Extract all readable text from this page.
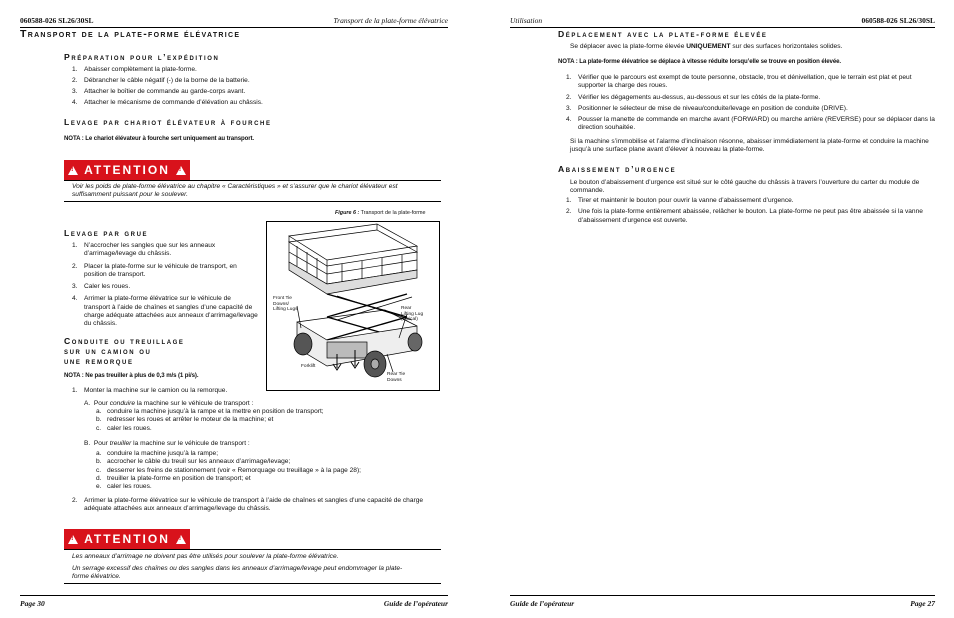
060588-026 SL26/30SL	Transport de la plate-forme élévatrice
Transport de la plate-forme élévatrice
Préparation pour l’expédition
1. Abaisser complètement la plate-forme.
2. Débrancher le câble négatif (-) de la borne de la batterie.
3. Attacher le boîtier de commande au garde-corps avant.
4. Attacher le mécanisme de commande d’élévation au châssis.
Levage par chariot élévateur à fourche
NOTA : Le chariot élévateur à fourche sert uniquement au transport.
!
ATTENTION
!
Voir les poids de plate-forme élévatrice au chapitre « Caractéristiques » et s’assurer que le chariot élévateur est suffisamment puissant pour le soulever.
Figure 6 : Transport de la plate-forme
Front Tie
Downs/
Lifting Lugs	Rear
Lifting Lug
(typical)
Forklift
Rear Tie
Downs
Levage par grue
1. N’accrocher les sangles que sur les anneaux d’arrimage/levage du châssis.
2. Placer la plate-forme sur le véhicule de transport, en position de transport.
3. Caler les roues.
4. Arrimer la plate-forme élévatrice sur le véhicule de transport à l’aide de chaînes et sangles d’une capacité de charge adéquate attachées aux anneaux d’arrimage/levage du châssis.
Conduite ou treuillage
sur un camion ou
une remorque
NOTA : Ne pas treuiller à plus de 0,3 m/s (1 pi/s).
1. Monter la machine sur le camion ou la remorque.
A.  Pour conduire la machine sur le véhicule de transport :
a. conduire la machine jusqu’à la rampe et la mettre en position de transport;
b. redresser les roues et arrêter le moteur de la machine; et
c. caler les roues.
B.  Pour treuiller la machine sur le véhicule de transport :
a. conduire la machine jusqu’à la rampe;
b. accrocher le câble du treuil sur les anneaux d’arrimage/levage;
c. desserrer les freins de stationnement (voir « Remorquage ou treuillage » à la page 28);
d. treuiller la plate-forme en position de transport; et
e. caler les roues.
2. Arrimer la plate-forme élévatrice sur le véhicule de transport à l’aide de chaînes et sangles d’une capacité de charge adéquate attachées aux anneaux d’arrimage/levage du châssis.
!
ATTENTION
!
Les anneaux d’arrimage ne doivent pas être utilisés pour soulever la plate-forme élévatrice.
Un serrage excessif des chaînes ou des sangles dans les anneaux d’arrimage/levage peut endommager la plate-forme élévatrice.
Page 30	Guide de l’opérateur
Utilisation	060588-026 SL26/30SL
Déplacement avec la plate-forme élevée
Se déplacer avec la plate-forme élevée UNIQUEMENT sur des surfaces horizontales solides.
NOTA : La plate-forme élévatrice se déplace à vitesse réduite lorsqu’elle se trouve en position élevée.
1. Vérifier que le parcours est exempt de toute personne, obstacle, trou et dénivellation, que le terrain est plat et peut supporter la charge des roues.
2. Vérifier les dégagements au-dessus, au-dessous et sur les côtés de la plate-forme.
3. Positionner le sélecteur de mise de niveau/conduite/levage en position de conduite (DRIVE).
4. Pousser la manette de commande en marche avant (FORWARD) ou marche arrière (REVERSE) pour se déplacer dans la direction souhaitée.
Si la machine s’immobilise et l’alarme d’inclinaison résonne, abaisser immédiatement la plate-forme et conduire la machine jusqu’à une surface plane avant d’élever à nouveau la plate-forme.
Abaissement d’urgence
Le bouton d’abaissement d’urgence est situé sur le côté gauche du châssis à travers l’ouverture du carter du module de commande.
1. Tirer et maintenir le bouton pour ouvrir la vanne d’abaissement d’urgence.
2. Une fois la plate-forme entièrement abaissée, relâcher le bouton. La plate-forme ne peut pas être abaissée si la vanne d’abaissement d’urgence est ouverte.
Guide de l’opérateur	Page 27
